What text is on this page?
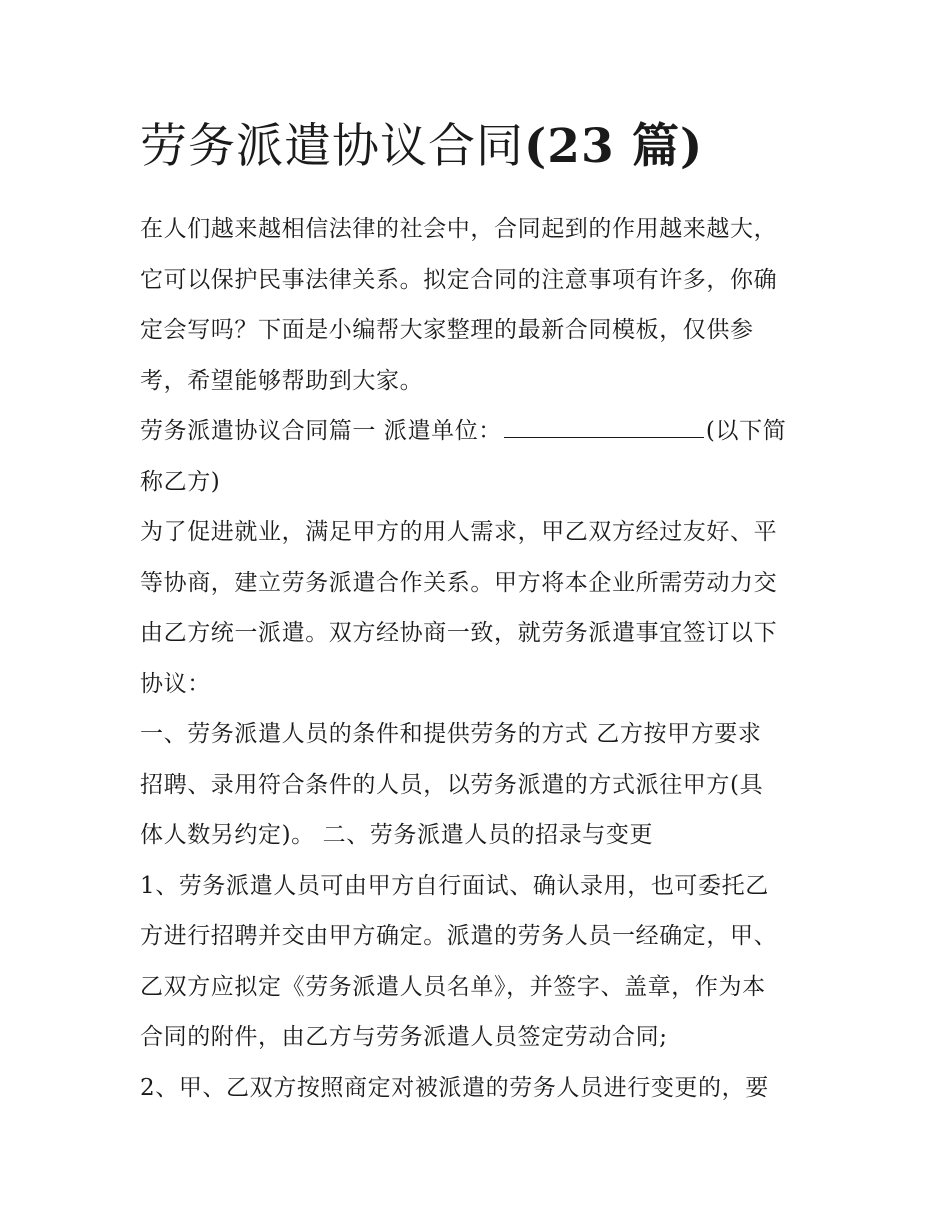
劳务派遣协议合同(23 篇)

在人们越来越相信法律的社会中，合同起到的作用越来越大，
它可以保护民事法律关系。拟定合同的注意事项有许多，你确
定会写吗？下面是小编帮大家整理的最新合同模板，仅供参
考，希望能够帮助到大家。

劳务派遣协议合同篇一 派遣单位：	(以下简
称乙方)

为了促进就业，满足甲方的用人需求，甲乙双方经过友好、平
等协商，建立劳务派遣合作关系。甲方将本企业所需劳动力交
由乙方统一派遣。双方经协商一致，就劳务派遣事宜签订以下
协议：

一、劳务派遣人员的条件和提供劳务的方式 乙方按甲方要求
招聘、录用符合条件的人员，以劳务派遣的方式派往甲方(具
体人数另约定)。 二、劳务派遣人员的招录与变更

1、劳务派遣人员可由甲方自行面试、确认录用，也可委托乙
方进行招聘并交由甲方确定。派遣的劳务人员一经确定，甲、
乙双方应拟定《劳务派遣人员名单》，并签字、盖章，作为本
合同的附件，由乙方与劳务派遣人员签定劳动合同;

2、甲、乙双方按照商定对被派遣的劳务人员进行变更的，要
